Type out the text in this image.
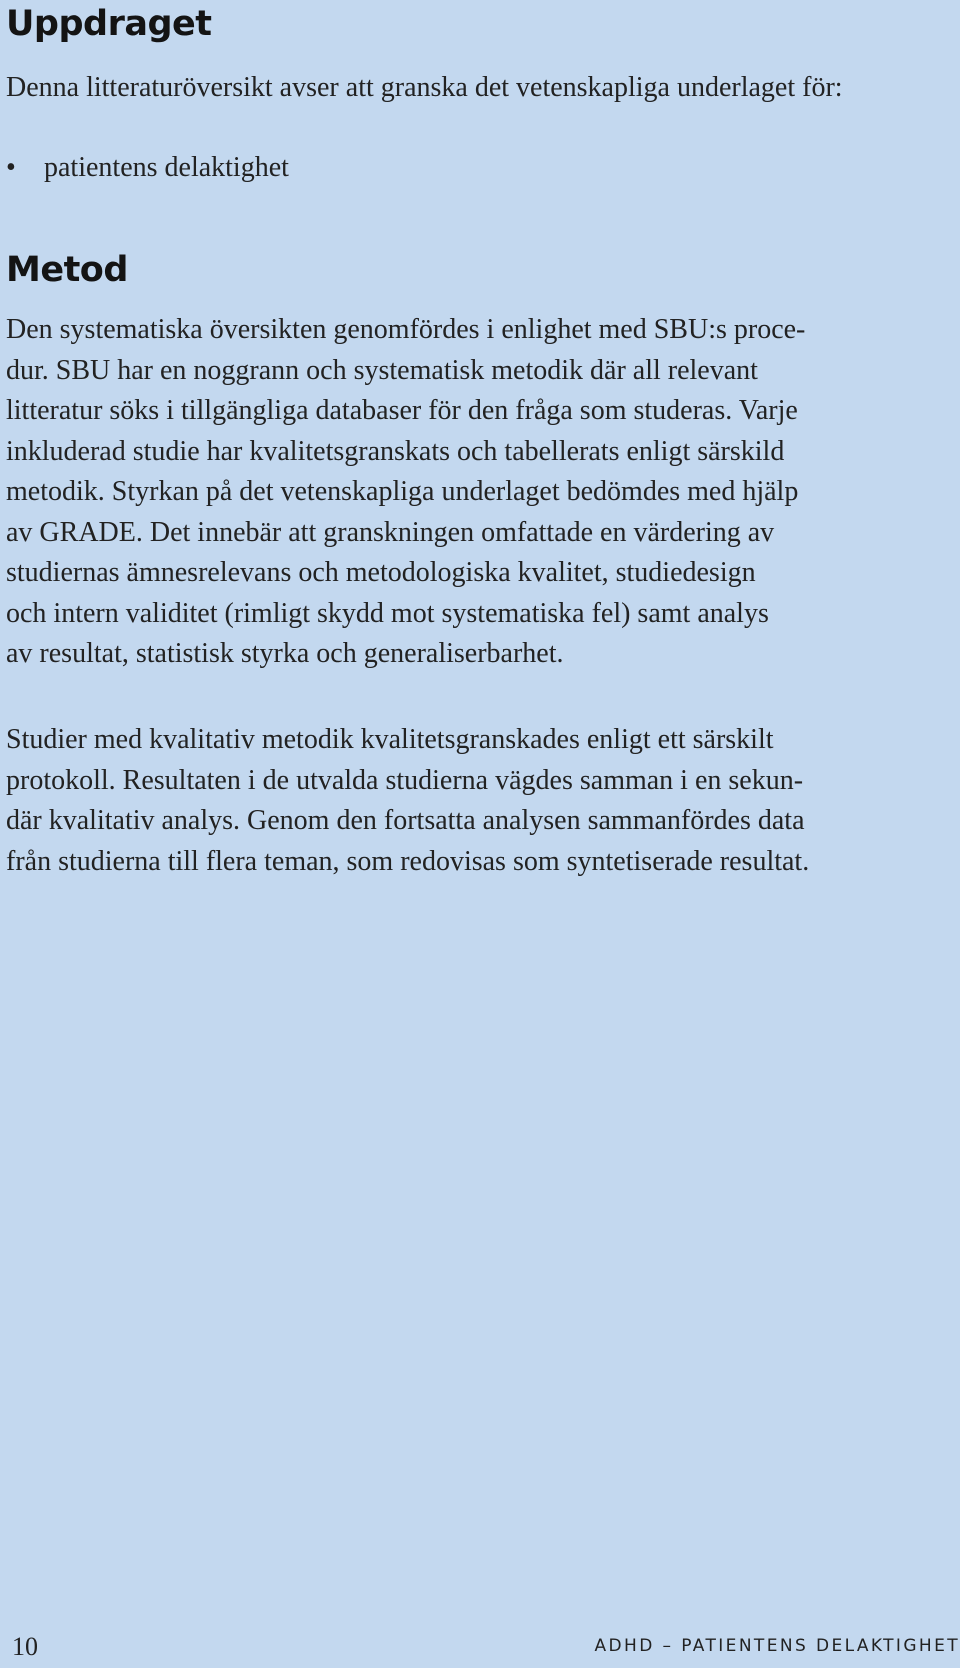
Uppdraget

Denna litteraturöversikt avser att granska det vetenskapliga underlaget för:

• patientens delaktighet
Metod

Den systematiska översikten genomfördes i enlighet med SBU:s proce-
dur. SBU har en noggrann och systematisk metodik där all relevant
litteratur söks i tillgängliga databaser för den fråga som studeras. Varje
inkluderad studie har kvalitetsgranskats och tabellerats enligt särskild
metodik. Styrkan på det vetenskapliga underlaget bedömdes med hjälp
av GRADE. Det innebär att granskningen omfattade en värdering av
studiernas ämnesrelevans och metodologiska kvalitet, studiedesign
och intern validitet (rimligt skydd mot systematiska fel) samt analys
av resultat, statistisk styrka och generaliserbarhet.

Studier med kvalitativ metodik kvalitetsgranskades enligt ett särskilt
protokoll. Resultaten i de utvalda studierna vägdes samman i en sekun-
där kvalitativ analys. Genom den fortsatta analysen sammanfördes data
från studierna till flera teman, som redovisas som syntetiserade resultat.

10	ADHD – PATIENTENS DELAKTIGHET
